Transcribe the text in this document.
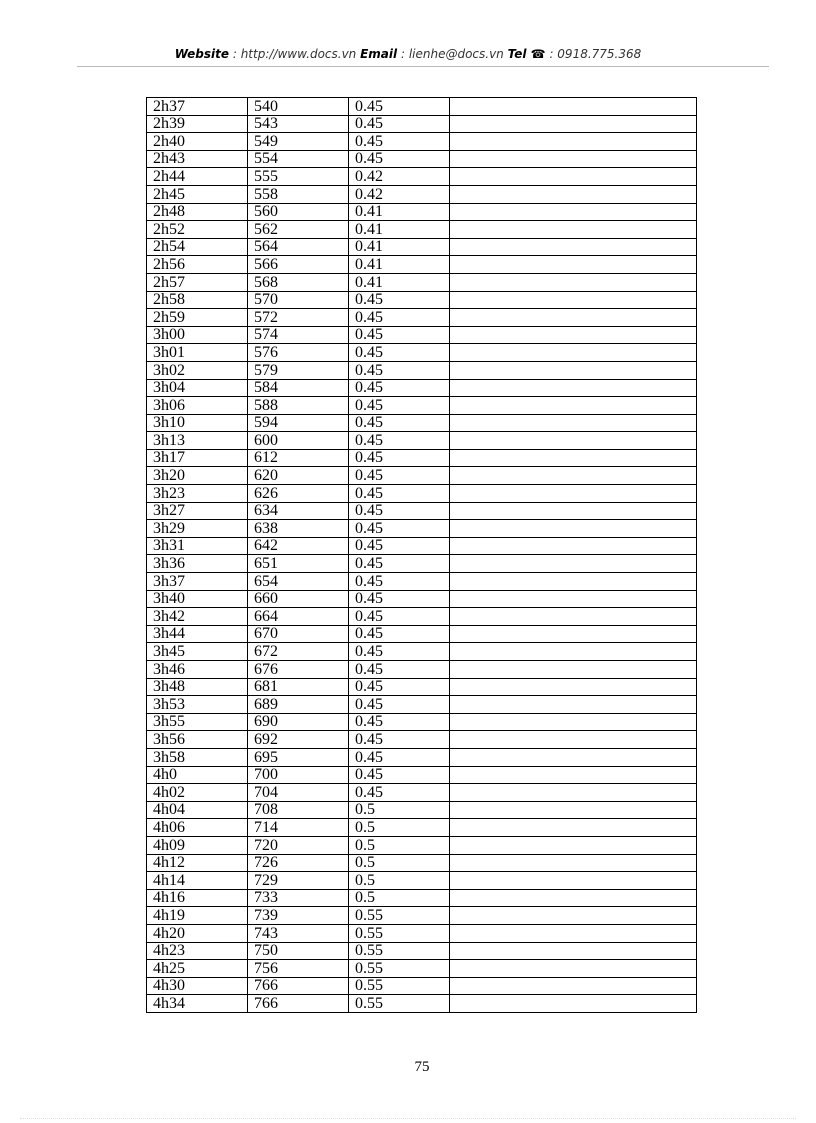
Website : http://www.docs.vn Email : lienhe@docs.vn Tel ☎ : 0918.775.368
2h37	540	0.45	
2h39	543	0.45	
2h40	549	0.45	
2h43	554	0.45	
2h44	555	0.42	
2h45	558	0.42	
2h48	560	0.41	
2h52	562	0.41	
2h54	564	0.41	
2h56	566	0.41	
2h57	568	0.41	
2h58	570	0.45	
2h59	572	0.45	
3h00	574	0.45	
3h01	576	0.45	
3h02	579	0.45	
3h04	584	0.45	
3h06	588	0.45	
3h10	594	0.45	
3h13	600	0.45	
3h17	612	0.45	
3h20	620	0.45	
3h23	626	0.45	
3h27	634	0.45	
3h29	638	0.45	
3h31	642	0.45	
3h36	651	0.45	
3h37	654	0.45	
3h40	660	0.45	
3h42	664	0.45	
3h44	670	0.45	
3h45	672	0.45	
3h46	676	0.45	
3h48	681	0.45	
3h53	689	0.45	
3h55	690	0.45	
3h56	692	0.45	
3h58	695	0.45	
4h0	700	0.45	
4h02	704	0.45	
4h04	708	0.5	
4h06	714	0.5	
4h09	720	0.5	
4h12	726	0.5	
4h14	729	0.5	
4h16	733	0.5	
4h19	739	0.55	
4h20	743	0.55	
4h23	750	0.55	
4h25	756	0.55	
4h30	766	0.55	
4h34	766	0.55	
75
